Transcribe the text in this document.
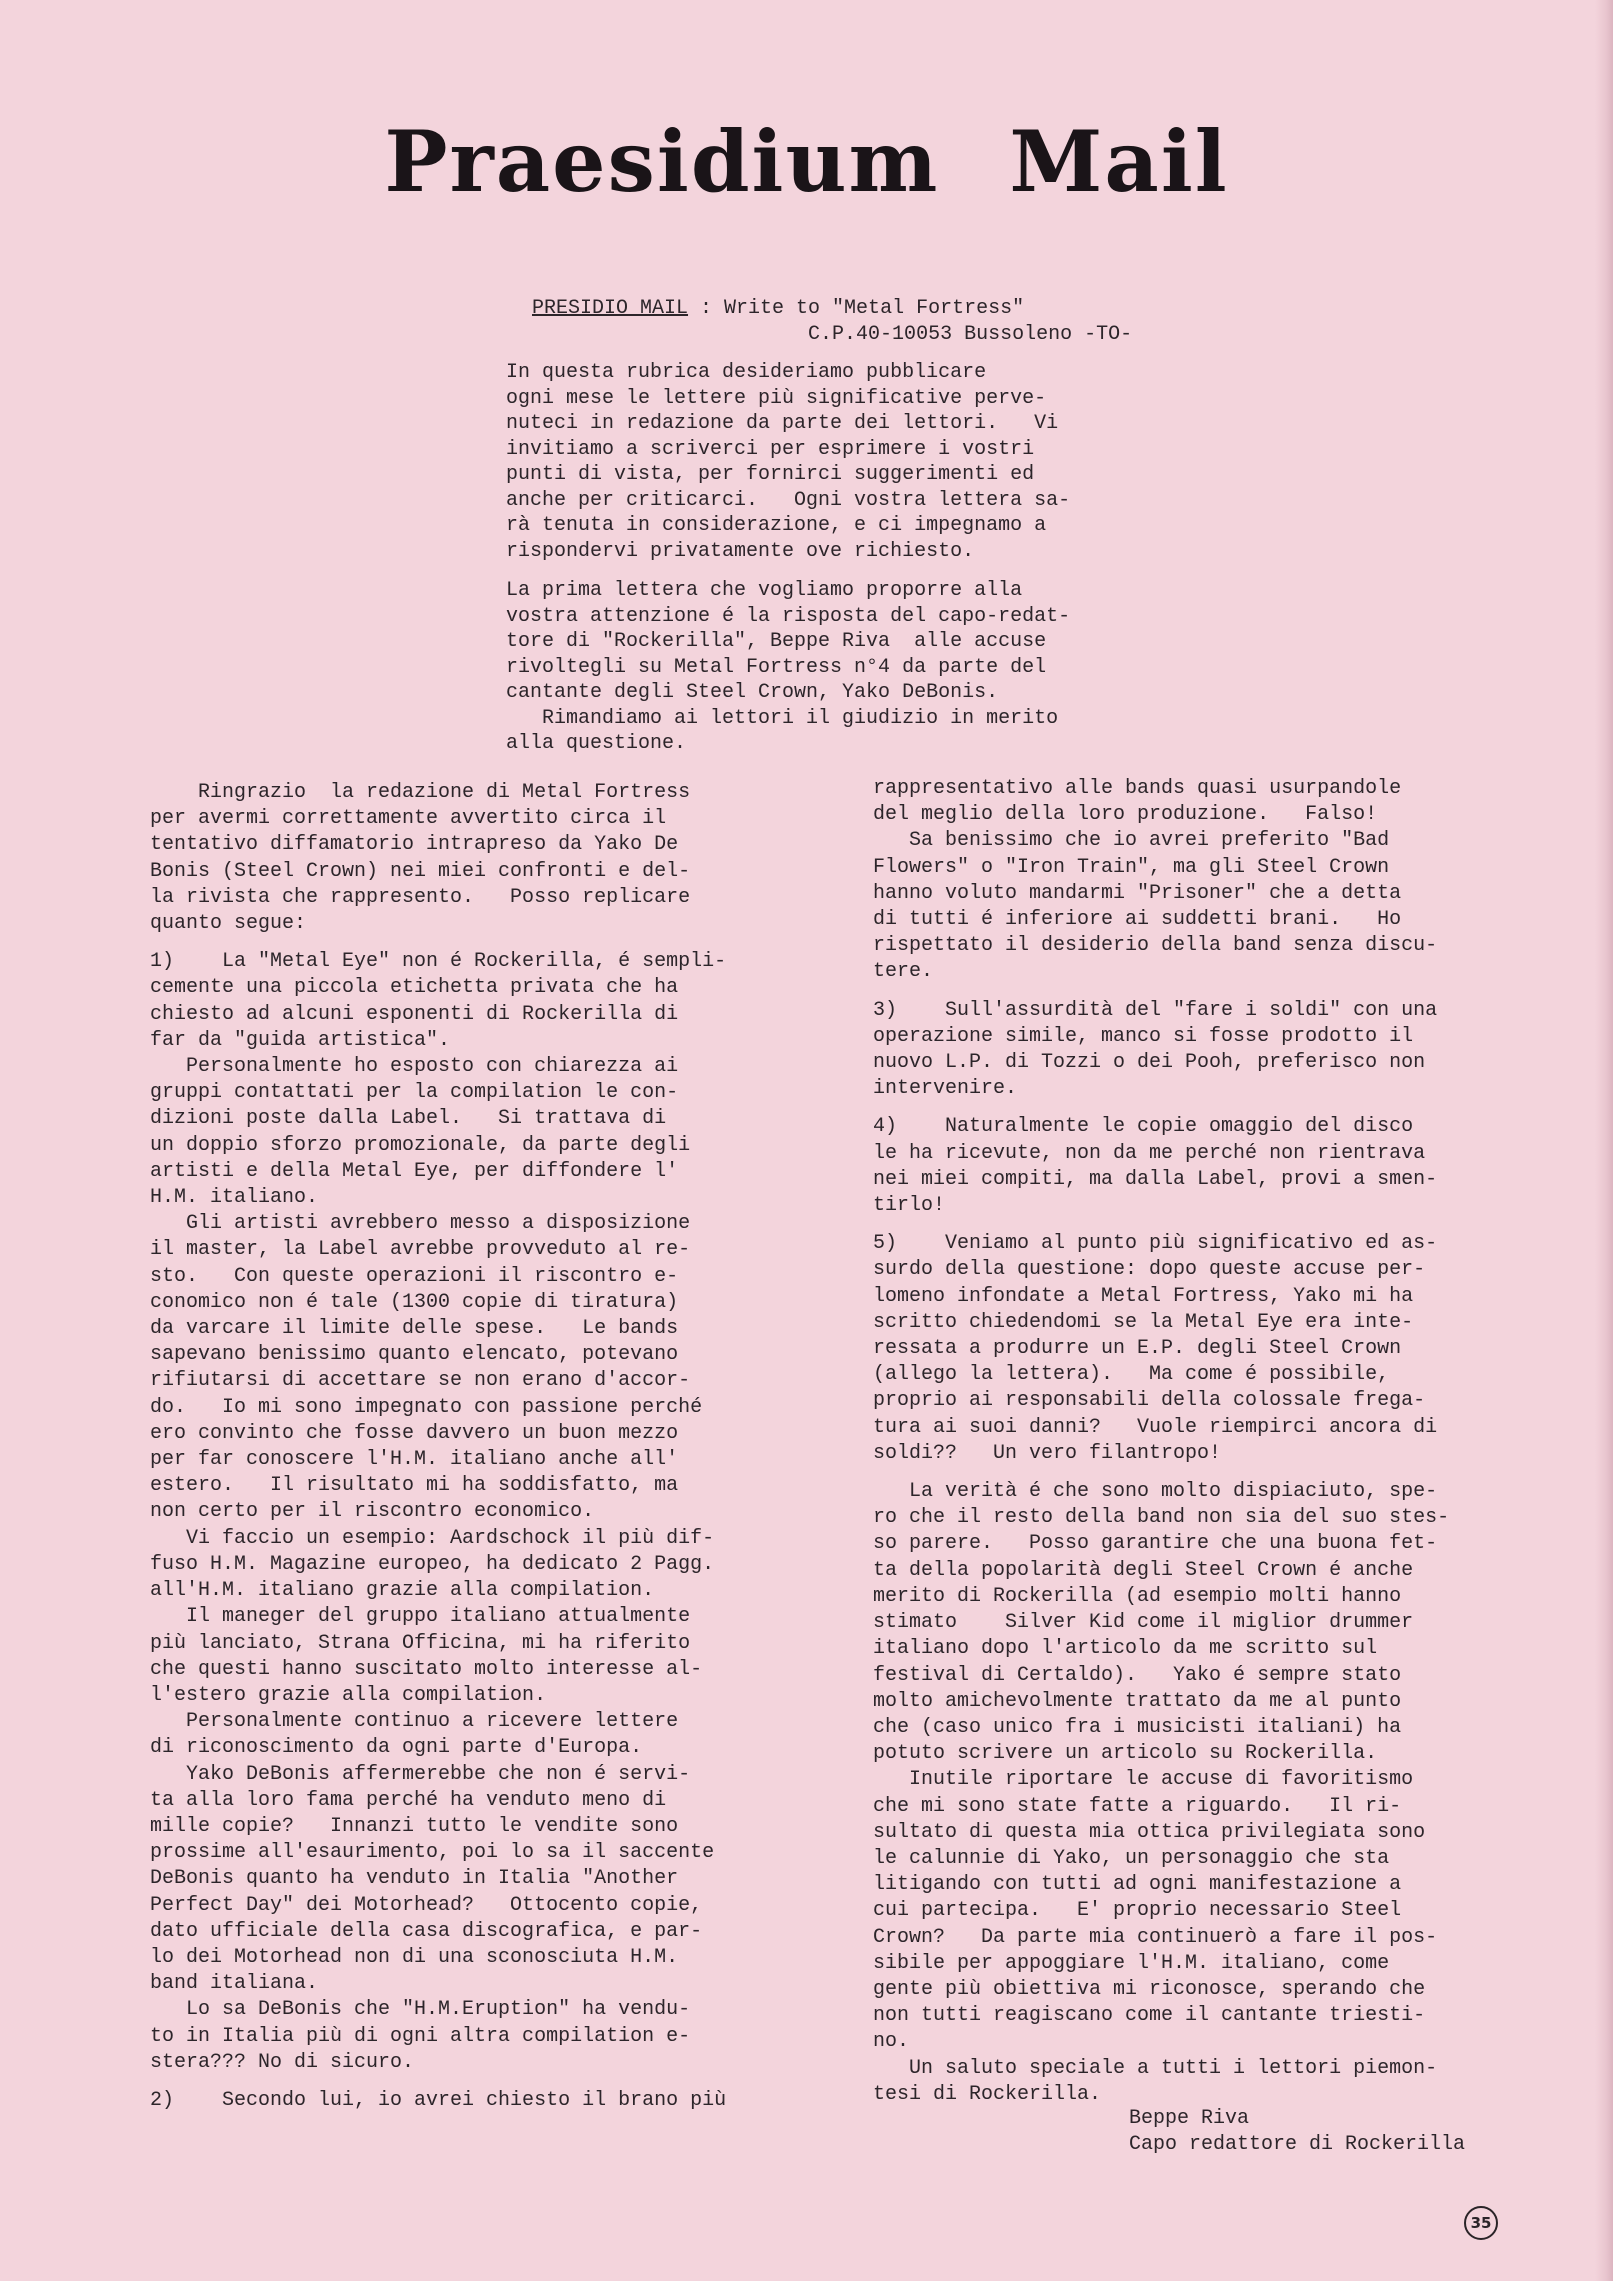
Praesidium Mail
PRESIDIO MAIL : Write to "Metal Fortress"
C.P.40-10053 Bussoleno -TO-

In questa rubrica desideriamo pubblicare
ogni mese le lettere più significative perve-
nuteci in redazione da parte dei lettori.   Vi
invitiamo a scriverci per esprimere i vostri
punti di vista, per fornirci suggerimenti ed
anche per criticarci.   Ogni vostra lettera sa-
rà tenuta in considerazione, e ci impegnamo a
rispondervi privatamente ove richiesto.

La prima lettera che vogliamo proporre alla
vostra attenzione é la risposta del capo-redat-
tore di "Rockerilla", Beppe Riva  alle accuse
rivoltegli su Metal Fortress n°4 da parte del
cantante degli Steel Crown, Yako DeBonis.
Rimandiamo ai lettori il giudizio in merito
alla questione.

Ringrazio  la redazione di Metal Fortress
per avermi correttamente avvertito circa il
tentativo diffamatorio intrapreso da Yako De
Bonis (Steel Crown) nei miei confronti e del-
la rivista che rappresento.   Posso replicare
quanto segue:

1)    La "Metal Eye" non é Rockerilla, é sempli-
cemente una piccola etichetta privata che ha
chiesto ad alcuni esponenti di Rockerilla di
far da "guida artistica".
Personalmente ho esposto con chiarezza ai
gruppi contattati per la compilation le con-
dizioni poste dalla Label.   Si trattava di
un doppio sforzo promozionale, da parte degli
artisti e della Metal Eye, per diffondere l'
H.M. italiano.
Gli artisti avrebbero messo a disposizione
il master, la Label avrebbe provveduto al re-
sto.   Con queste operazioni il riscontro e-
conomico non é tale (1300 copie di tiratura)
da varcare il limite delle spese.   Le bands
sapevano benissimo quanto elencato, potevano
rifiutarsi di accettare se non erano d'accor-
do.   Io mi sono impegnato con passione perché
ero convinto che fosse davvero un buon mezzo
per far conoscere l'H.M. italiano anche all'
estero.   Il risultato mi ha soddisfatto, ma
non certo per il riscontro economico.
Vi faccio un esempio: Aardschock il più dif-
fuso H.M. Magazine europeo, ha dedicato 2 Pagg.
all'H.M. italiano grazie alla compilation.
Il maneger del gruppo italiano attualmente
più lanciato, Strana Officina, mi ha riferito
che questi hanno suscitato molto interesse al-
l'estero grazie alla compilation.
Personalmente continuo a ricevere lettere
di riconoscimento da ogni parte d'Europa.
Yako DeBonis affermerebbe che non é servi-
ta alla loro fama perché ha venduto meno di
mille copie?   Innanzi tutto le vendite sono
prossime all'esaurimento, poi lo sa il saccente
DeBonis quanto ha venduto in Italia "Another
Perfect Day" dei Motorhead?   Ottocento copie,
dato ufficiale della casa discografica, e par-
lo dei Motorhead non di una sconosciuta H.M.
band italiana.
Lo sa DeBonis che "H.M.Eruption" ha vendu-
to in Italia più di ogni altra compilation e-
stera??? No di sicuro.

2)    Secondo lui, io avrei chiesto il brano più

rappresentativo alle bands quasi usurpandole
del meglio della loro produzione.   Falso!
Sa benissimo che io avrei preferito "Bad
Flowers" o "Iron Train", ma gli Steel Crown
hanno voluto mandarmi "Prisoner" che a detta
di tutti é inferiore ai suddetti brani.   Ho
rispettato il desiderio della band senza discu-
tere.

3)    Sull'assurdità del "fare i soldi" con una
operazione simile, manco si fosse prodotto il
nuovo L.P. di Tozzi o dei Pooh, preferisco non
intervenire.

4)    Naturalmente le copie omaggio del disco
le ha ricevute, non da me perché non rientrava
nei miei compiti, ma dalla Label, provi a smen-
tirlo!

5)    Veniamo al punto più significativo ed as-
surdo della questione: dopo queste accuse per-
lomeno infondate a Metal Fortress, Yako mi ha
scritto chiedendomi se la Metal Eye era inte-
ressata a produrre un E.P. degli Steel Crown
(allego la lettera).   Ma come é possibile,
proprio ai responsabili della colossale frega-
tura ai suoi danni?   Vuole riempirci ancora di
soldi??   Un vero filantropo!

La verità é che sono molto dispiaciuto, spe-
ro che il resto della band non sia del suo stes-
so parere.   Posso garantire che una buona fet-
ta della popolarità degli Steel Crown é anche
merito di Rockerilla (ad esempio molti hanno
stimato    Silver Kid come il miglior drummer
italiano dopo l'articolo da me scritto sul
festival di Certaldo).   Yako é sempre stato
molto amichevolmente trattato da me al punto
che (caso unico fra i musicisti italiani) ha
potuto scrivere un articolo su Rockerilla.
Inutile riportare le accuse di favoritismo
che mi sono state fatte a riguardo.   Il ri-
sultato di questa mia ottica privilegiata sono
le calunnie di Yako, un personaggio che sta
litigando con tutti ad ogni manifestazione a
cui partecipa.   E' proprio necessario Steel
Crown?   Da parte mia continuerò a fare il pos-
sibile per appoggiare l'H.M. italiano, come
gente più obiettiva mi riconosce, sperando che
non tutti reagiscano come il cantante triesti-
no.
Un saluto speciale a tutti i lettori piemon-
tesi di Rockerilla.

Beppe Riva
Capo redattore di Rockerilla
35
